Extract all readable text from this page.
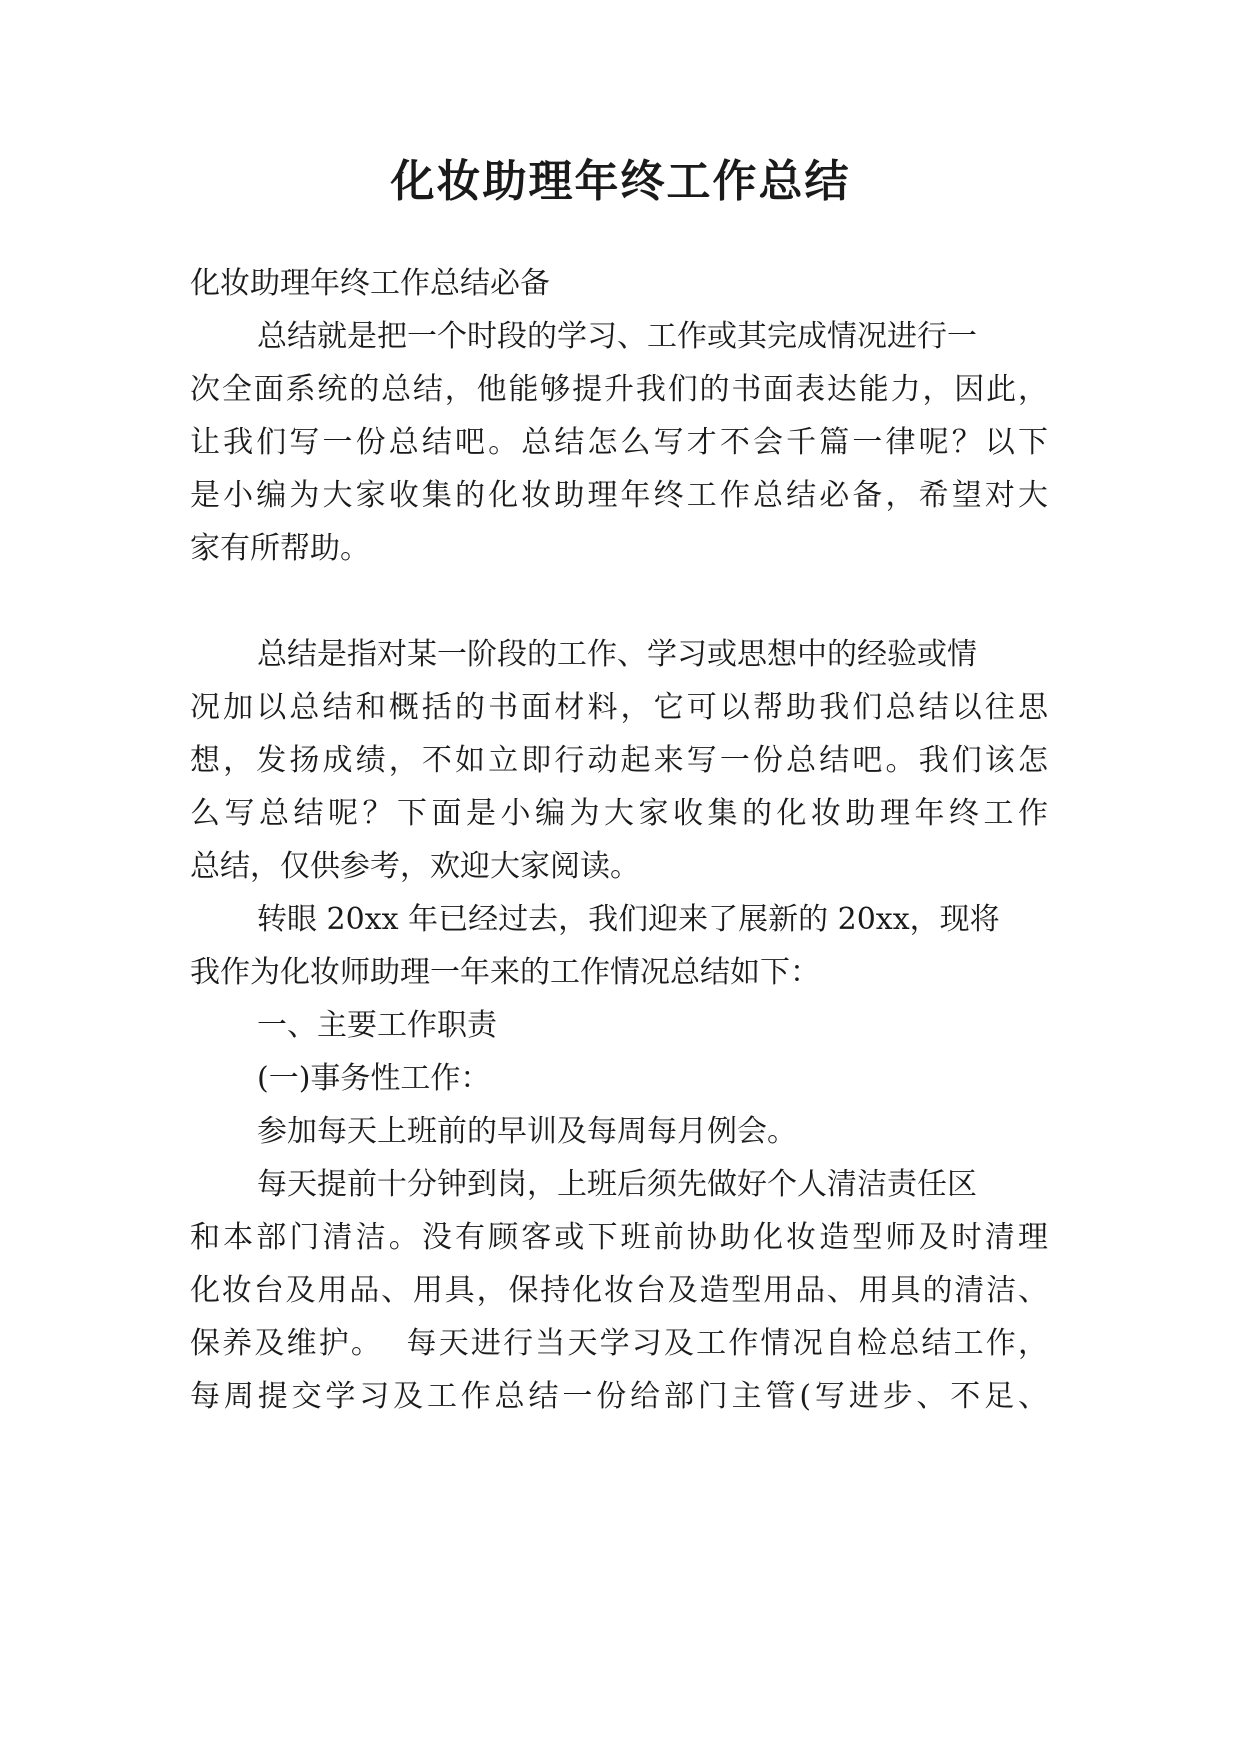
化妆助理年终工作总结
化妆助理年终工作总结必备
总结就是把一个时段的学习、工作或其完成情况进行一
次全面系统的总结，他能够提升我们的书面表达能力，因此，
让我们写一份总结吧。总结怎么写才不会千篇一律呢？以下
是小编为大家收集的化妆助理年终工作总结必备，希望对大
家有所帮助。
总结是指对某一阶段的工作、学习或思想中的经验或情
况加以总结和概括的书面材料，它可以帮助我们总结以往思
想，发扬成绩，不如立即行动起来写一份总结吧。我们该怎
么写总结呢？下面是小编为大家收集的化妆助理年终工作
总结，仅供参考，欢迎大家阅读。
转眼 20xx 年已经过去，我们迎来了展新的 20xx，现将
我作为化妆师助理一年来的工作情况总结如下：
一、主要工作职责
(一)事务性工作：
参加每天上班前的早训及每周每月例会。
每天提前十分钟到岗，上班后须先做好个人清洁责任区
和本部门清洁。没有顾客或下班前协助化妆造型师及时清理
化妆台及用品、用具，保持化妆台及造型用品、用具的清洁、
保养及维护。  每天进行当天学习及工作情况自检总结工作，
每周提交学习及工作总结一份给部门主管(写进步、不足、
